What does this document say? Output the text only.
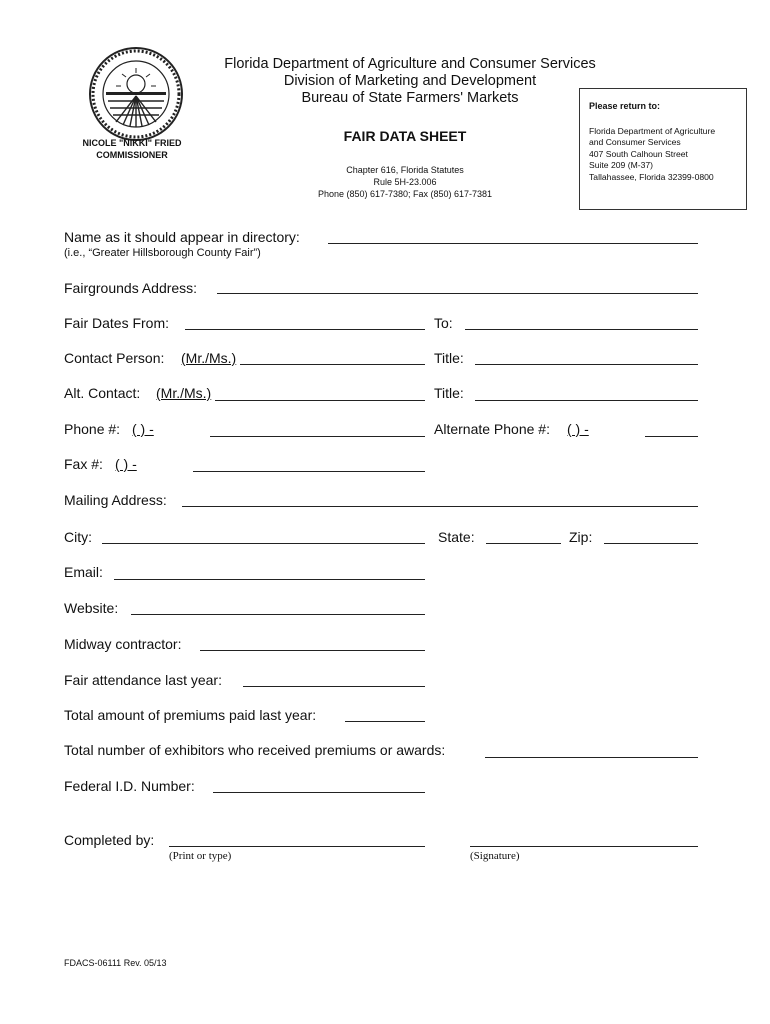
NICOLE "NIKKI" FRIED
COMMISSIONER
Florida Department of Agriculture and Consumer Services
Division of Marketing and Development
Bureau of State Farmers' Markets
FAIR DATA SHEET
Chapter 616, Florida Statutes
Rule 5H-23.006
Phone (850) 617-7380; Fax (850) 617-7381
Please return to:
Florida Department of Agriculture
and Consumer Services
407 South Calhoun Street
Suite 209 (M-37)
Tallahassee, Florida 32399-0800
Name as it should appear in directory:
(i.e., “Greater Hillsborough County Fair”)
Fairgrounds Address:
Fair Dates From:	To:
Contact Person: (Mr./Ms.)	Title:
Alt. Contact: (Mr./Ms.)	Title:
Phone #: ( ) -	Alternate Phone #: ( ) -
Fax #: ( ) -
Mailing Address:
City:	State:	Zip:
Email:
Website:
Midway contractor:
Fair attendance last year:
Total amount of premiums paid last year:
Total number of exhibitors who received premiums or awards:
Federal I.D. Number:
Completed by:
(Print or type)	(Signature)
FDACS-06111 Rev. 05/13
